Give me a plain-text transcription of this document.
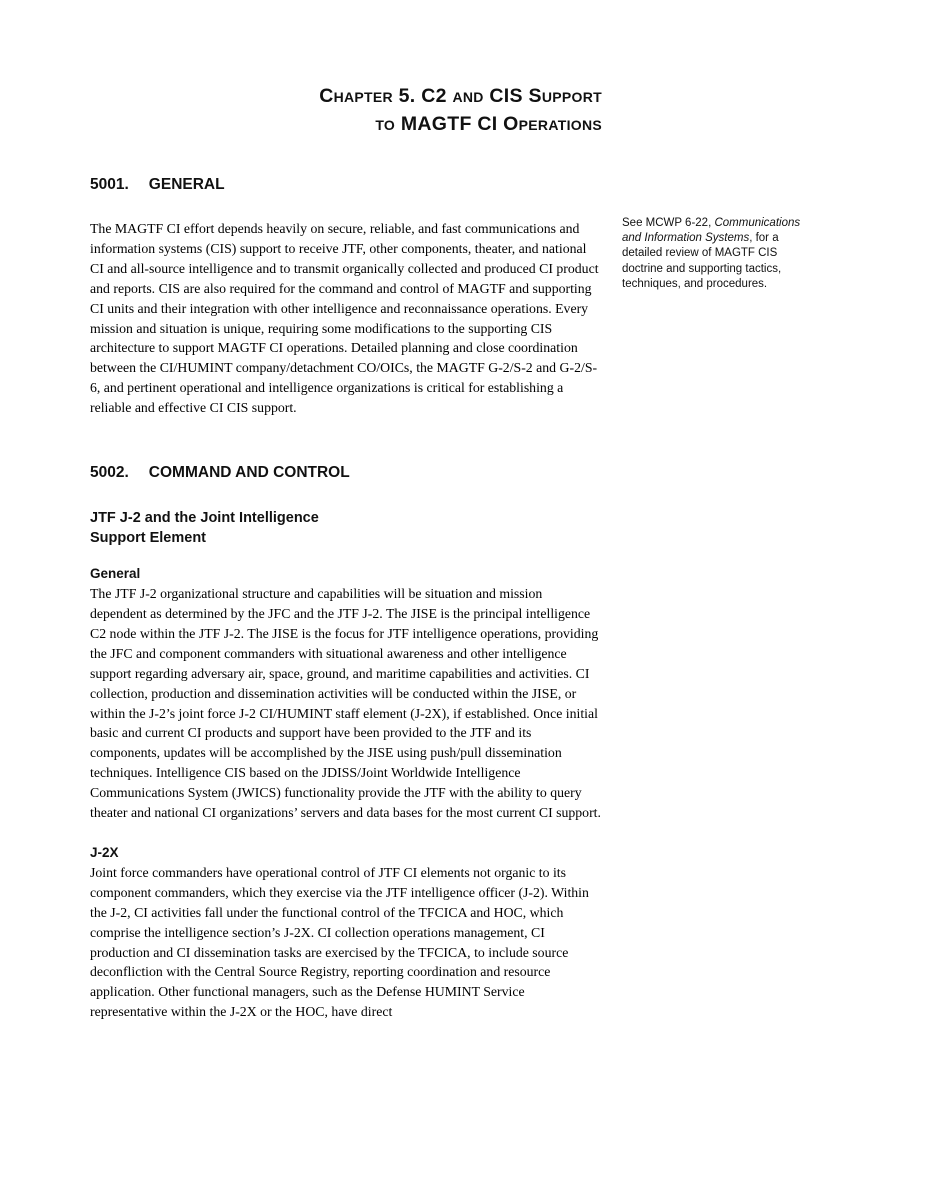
Chapter 5. C2 and CIS Support
to MAGTF CI Operations
5001. GENERAL

The MAGTF CI effort depends heavily on secure, reliable, and fast communications and information systems (CIS) support to receive JTF, other components, theater, and national CI and all-source intelligence and to transmit organically collected and produced CI product and reports. CIS are also required for the command and control of MAGTF and supporting CI units and their integration with other intelligence and reconnaissance operations. Every mission and situation is unique, requiring some modifications to the supporting CIS architecture to support MAGTF CI operations. Detailed planning and close coordination between the CI/HUMINT company/detachment CO/OICs, the MAGTF G-2/S-2 and G-2/S-6, and pertinent operational and intelligence organizations is critical for establishing a reliable and effective CI CIS support.

5002. COMMAND AND CONTROL
JTF J-2 and the Joint Intelligence
Support Element
General

The JTF J-2 organizational structure and capabilities will be situation and mission dependent as determined by the JFC and the JTF J-2. The JISE is the principal intelligence C2 node within the JTF J-2. The JISE is the focus for JTF intelligence operations, providing the JFC and component commanders with situational awareness and other intelligence support regarding adversary air, space, ground, and maritime capabilities and activities. CI collection, production and dissemination activities will be conducted within the JISE, or within the J-2’s joint force J-2 CI/HUMINT staff element (J-2X), if established. Once initial basic and current CI products and support have been provided to the JTF and its components, updates will be accomplished by the JISE using push/pull dissemination techniques. Intelligence CIS based on the JDISS/Joint Worldwide Intelligence Communications System (JWICS) functionality provide the JTF with the ability to query theater and national CI organizations’ servers and data bases for the most current CI support.

J-2X

Joint force commanders have operational control of JTF CI elements not organic to its component commanders, which they exercise via the JTF intelligence officer (J-2). Within the J-2, CI activities fall under the functional control of the TFCICA and HOC, which comprise the intelligence section’s J-2X. CI collection operations management, CI production and CI dissemination tasks are exercised by the TFCICA, to include source deconfliction with the Central Source Registry, reporting coordination and resource application. Other functional managers, such as the Defense HUMINT Service representative within the J-2X or the HOC, have direct

See MCWP 6-22, Communications and Information Systems, for a detailed review of MAGTF CIS doctrine and supporting tactics, techniques, and procedures.
